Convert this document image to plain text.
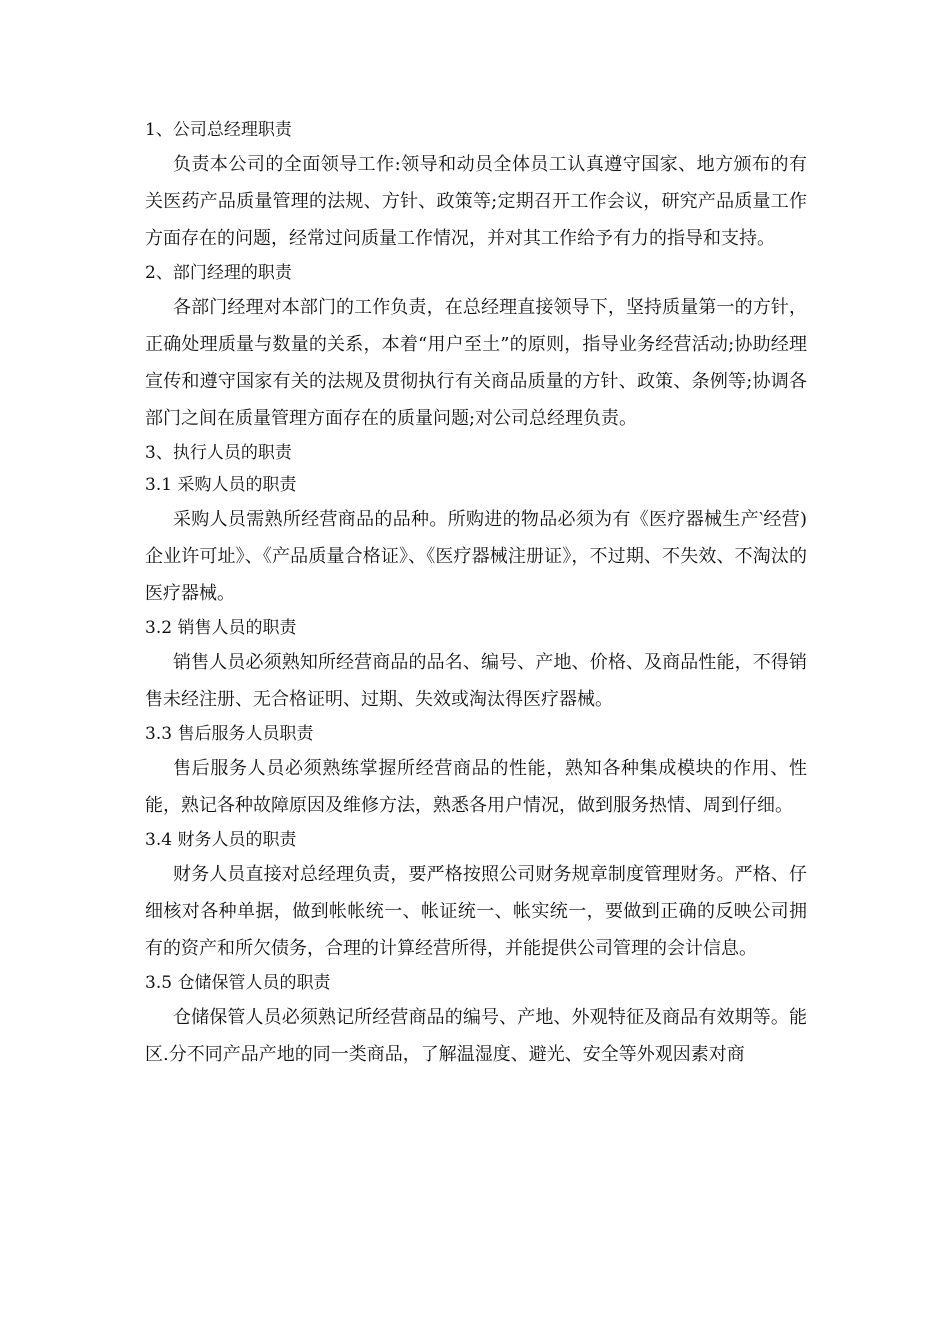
1、公司总经理职责

负责本公司的全面领导工作:领导和动员全体员工认真遵守国家、地方颁布的有关医药产品质量管理的法规、方针、政策等;定期召开工作会议，研究产品质量工作方面存在的问题，经常过问质量工作情况，并对其工作给予有力的指导和支持。

2、部门经理的职责

各部门经理对本部门的工作负责，在总经理直接领导下，坚持质量第一的方针，正确处理质量与数量的关系，本着“用户至土”的原则，指导业务经营活动;协助经理宣传和遵守国家有关的法规及贯彻执行有关商品质量的方针、政策、条例等;协调各部门之间在质量管理方面存在的质量问题;对公司总经理负责。

3、执行人员的职责
3.1 采购人员的职责

采购人员需熟所经营商品的品种。所购进的物品必须为有《医疗器械生产‵经营)企业许可址》、《产品质量合格证》、《医疗器械注册证》，不过期、不失效、不淘汰的医疗器械。

3.2 销售人员的职责

销售人员必须熟知所经营商品的品名、编号、产地、价格、及商品性能，不得销售未经注册、无合格证明、过期、失效或淘汰得医疗器械。

3.3 售后服务人员职责

售后服务人员必须熟练掌握所经营商品的性能，熟知各种集成模块的作用、性能，熟记各种故障原因及维修方法，熟悉各用户情况，做到服务热情、周到仔细。

3.4 财务人员的职责

财务人员直接对总经理负责，要严格按照公司财务规章制度管理财务。严格、仔细核对各种单据，做到帐帐统一、帐证统一、帐实统一，要做到正确的反映公司拥有的资产和所欠债务，合理的计算经营所得，并能提供公司管理的会计信息。

3.5 仓储保管人员的职责

仓储保管人员必须熟记所经营商品的编号、产地、外观特征及商品有效期等。能区.分不同产品产地的同一类商品，了解温湿度、避光、安全等外观因素对商
